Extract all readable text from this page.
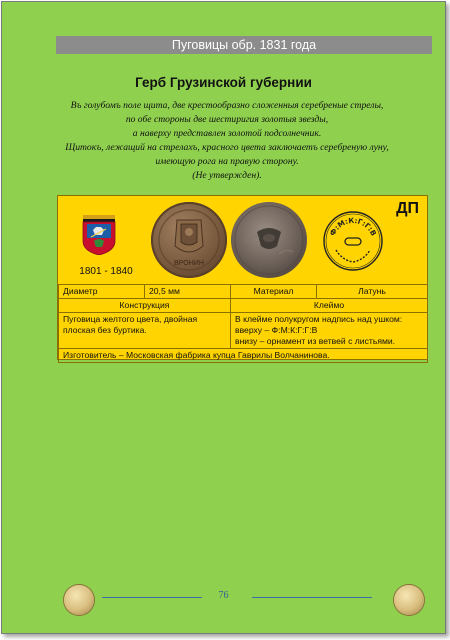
Пуговицы обр. 1831 года
Герб Грузинской губернии
Въ голубомъ поле щита, две крестообразно сложенныя серебреные стрелы,
по обе стороны две шестиригия золотыя звезды,
а наверху представлен золотой подсолнечник.
Щитокъ, лежащий на стрелахъ, красного цвета заключаетъ серебреную луну,
имеющую рога на правую сторону.
(Не утвержден).
1801 - 1840
ВРОНИН
Ф:М:К:Г:Г:В
ДП
Диаметр	20,5 мм	Материал	Латунь
Конструкция		Клеймо	
Пуговица желтого цвета, двойная плоская без буртика.		В клейме полукругом надпись над ушком:
вверху – Ф:М:К:Г:Г:В
внизу – орнамент из ветвей с листьями.	

Изготовитель – Московская фабрика купца Гаврилы Волчанинова.			
76
